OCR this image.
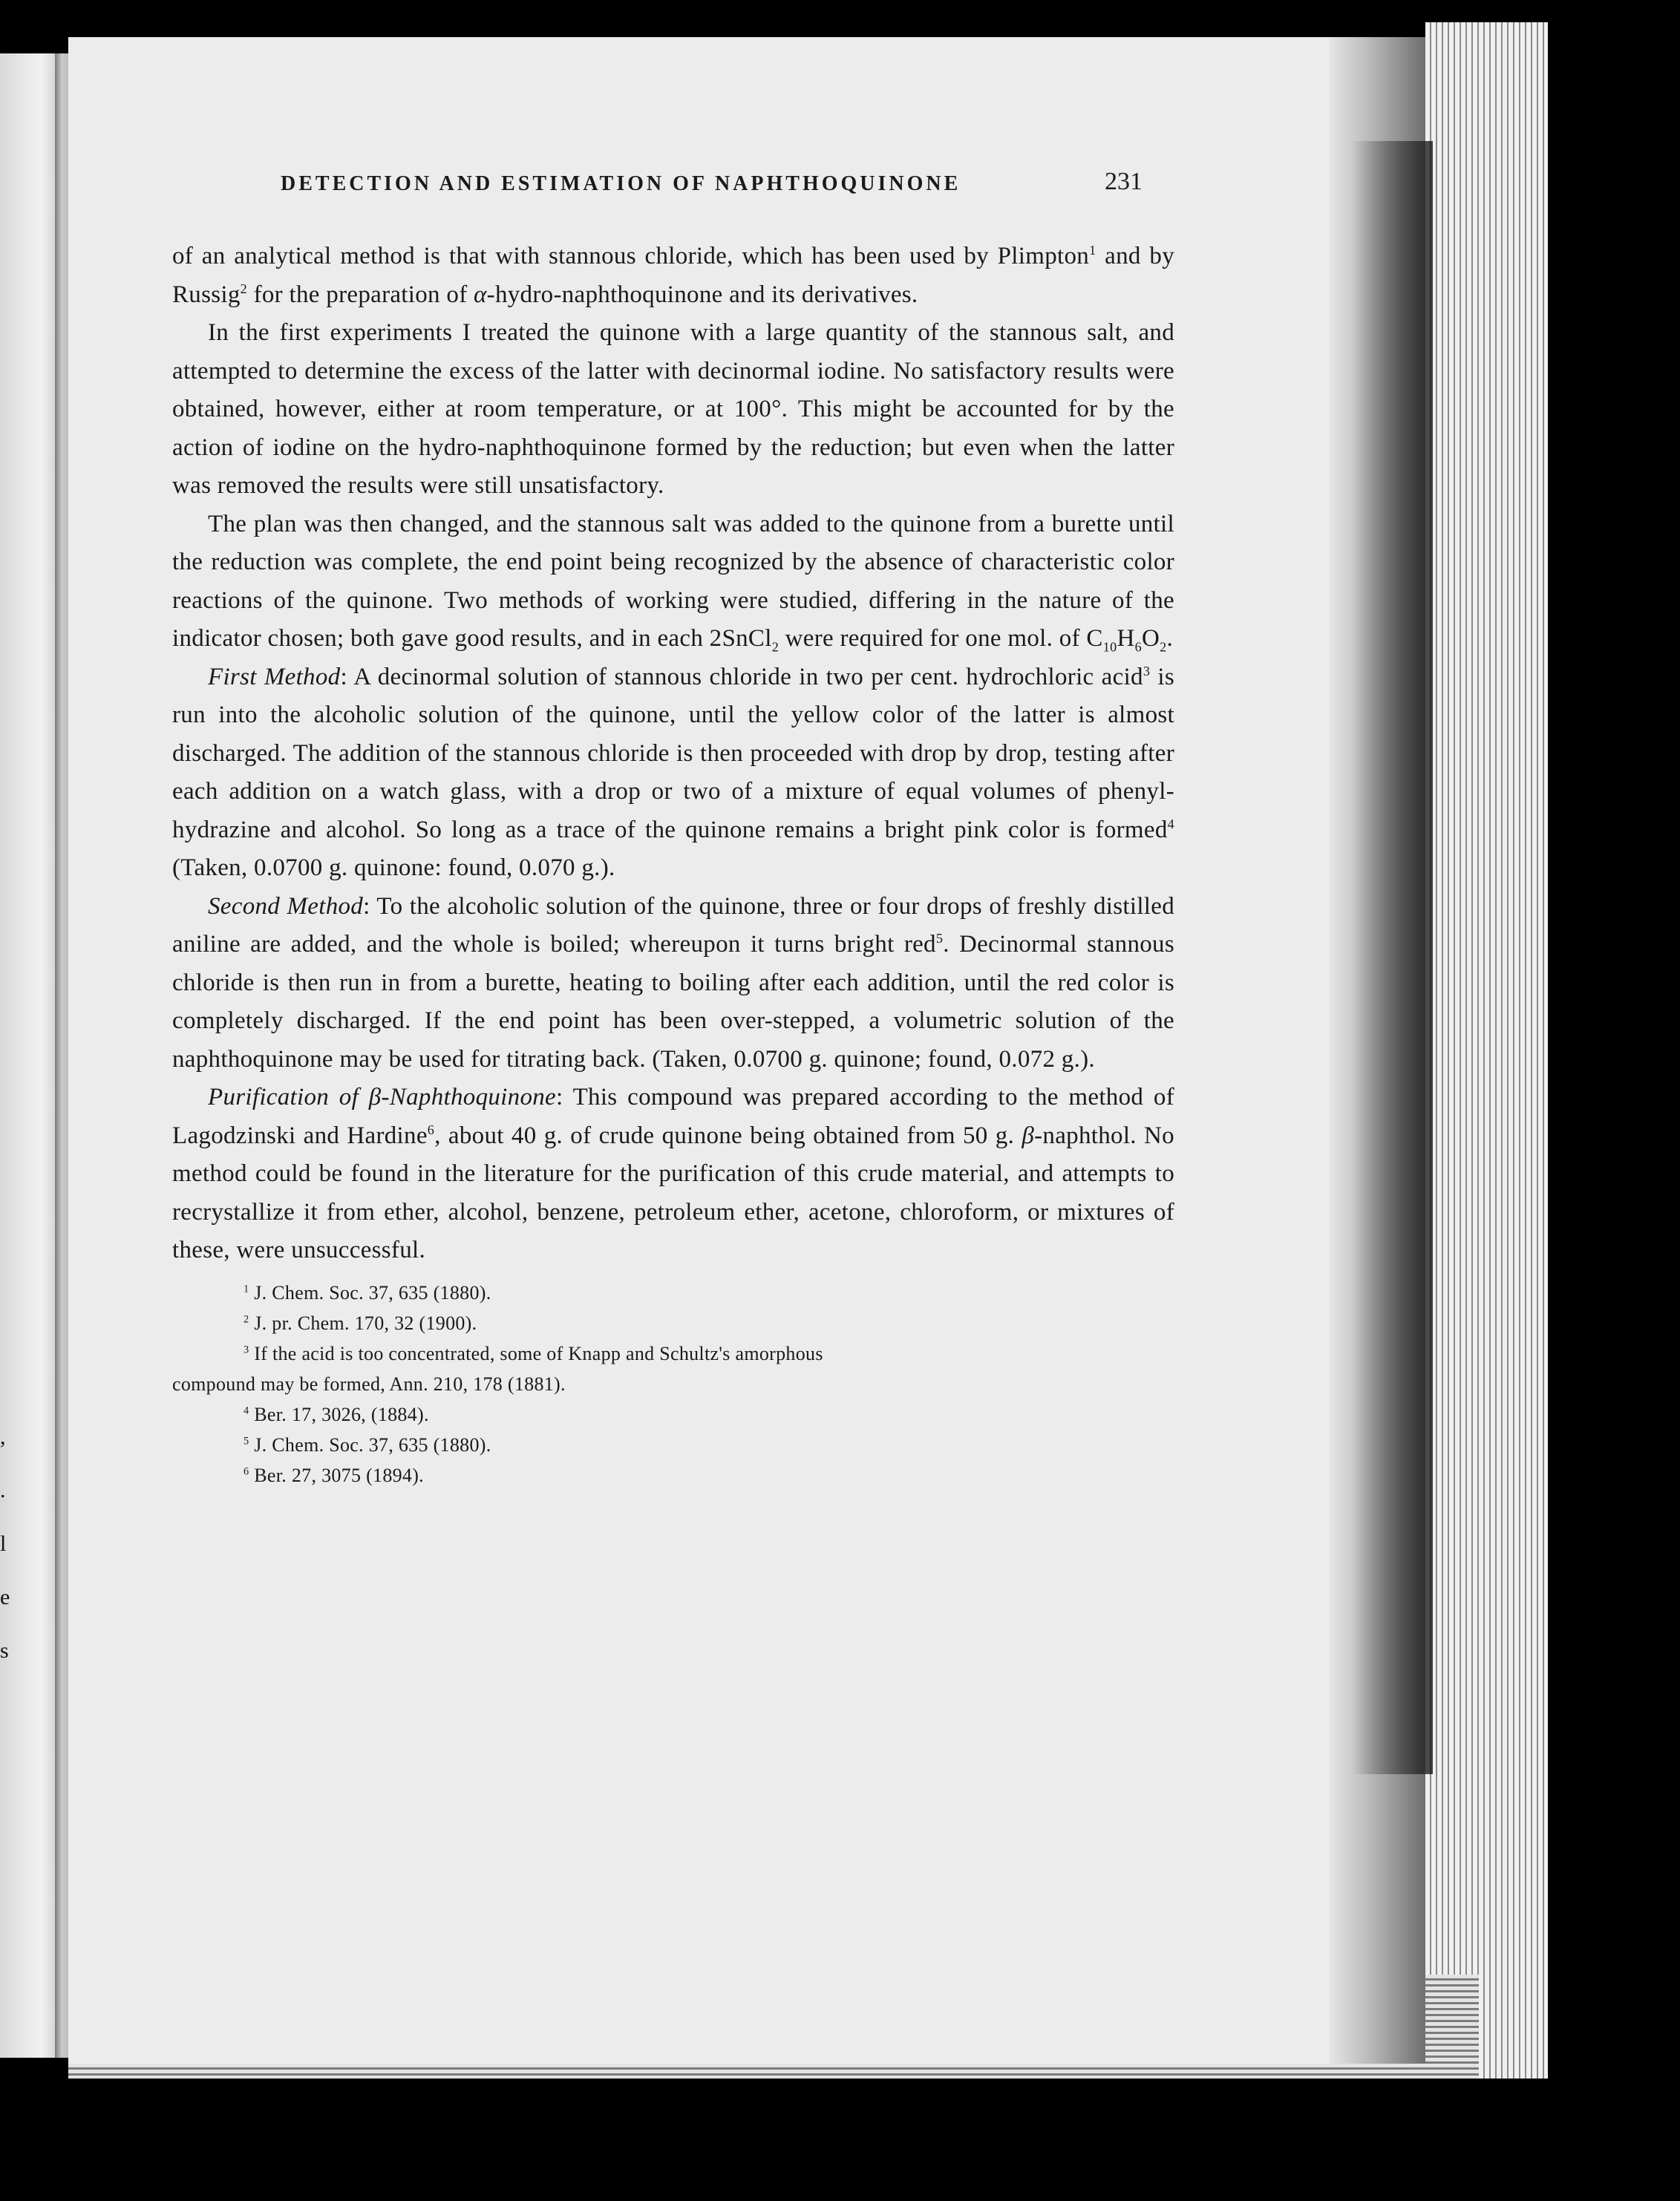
,
.
l
e
s
DETECTION AND ESTIMATION OF NAPHTHOQUINONE	231

of an analytical method is that with stannous chloride, which has been used by Plimpton$^1$ and by Russig$^2$ for the preparation of α-hydro-naphthoquinone and its derivatives.

In the first experiments I treated the quinone with a large quantity of the stannous salt, and attempted to determine the excess of the latter with decinormal iodine. No satisfactory results were obtained, however, either at room temperature, or at 100°. This might be accounted for by the action of iodine on the hydro-naphthoquinone formed by the reduction; but even when the latter was removed the results were still unsatisfactory.

The plan was then changed, and the stannous salt was added to the quinone from a burette until the reduction was complete, the end point being recognized by the absence of characteristic color reactions of the quinone. Two methods of working were studied, differing in the nature of the indicator chosen; both gave good results, and in each 2SnCl$_2$ were required for one mol. of $C_{10}H_6O_2$.

First Method: A decinormal solution of stannous chloride in two per cent. hydrochloric acid$^3$ is run into the alcoholic solution of the quinone, until the yellow color of the latter is almost discharged. The addition of the stannous chloride is then proceeded with drop by drop, testing after each addition on a watch glass, with a drop or two of a mixture of equal volumes of phenyl-hydrazine and alcohol. So long as a trace of the quinone remains a bright pink color is formed$^4$ (Taken, 0.0700 g. quinone: found, 0.070 g.).

Second Method: To the alcoholic solution of the quinone, three or four drops of freshly distilled aniline are added, and the whole is boiled; whereupon it turns bright red$^5$. Decinormal stannous chloride is then run in from a burette, heating to boiling after each addition, until the red color is completely discharged. If the end point has been over-stepped, a volumetric solution of the naphthoquinone may be used for titrating back. (Taken, 0.0700 g. quinone; found, 0.072 g.).

Purification of β-Naphthoquinone: This compound was prepared according to the method of Lagodzinski and Hardine$^6$, about 40 g. of crude quinone being obtained from 50 g. β-naphthol. No method could be found in the literature for the purification of this crude material, and attempts to recrystallize it from ether, alcohol, benzene, petroleum ether, acetone, chloroform, or mixtures of these, were unsuccessful.

$^1$ J. Chem. Soc. 37, 635 (1880).

$^2$ J. pr. Chem. 170, 32 (1900).

$^3$ If the acid is too concentrated, some of Knapp and Schultz's amorphous

compound may be formed, Ann. 210, 178 (1881).

$^4$ Ber. 17, 3026, (1884).

$^5$ J. Chem. Soc. 37, 635 (1880).

$^6$ Ber. 27, 3075 (1894).
